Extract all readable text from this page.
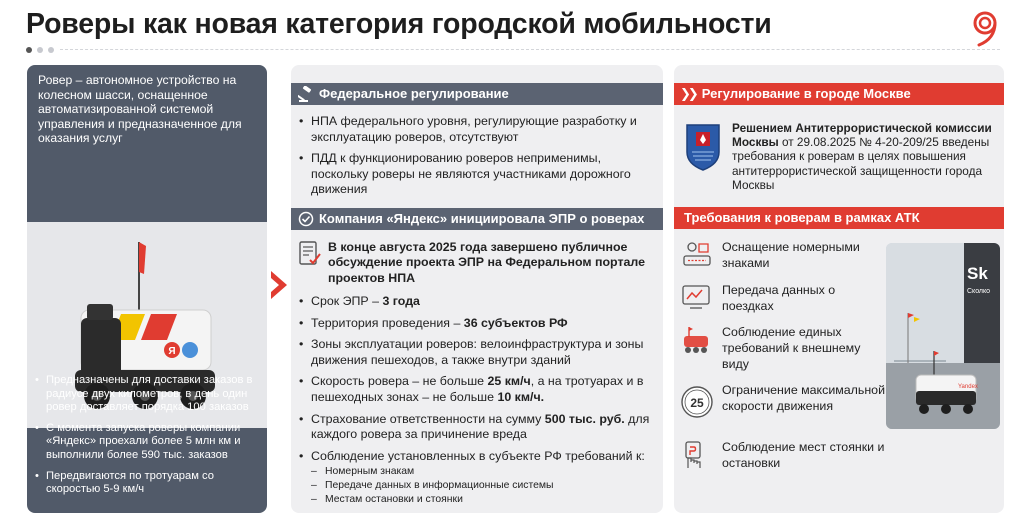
Роверы как новая категория городской мобильности
Ровер – автономное устройство на колесном шасси, оснащенное автоматизированной системой управления и предназначенное для оказания услуг
Я
• Предназначены для доставки заказов в радиусе двух километров, в день один ровер доставляет порядка 100 заказов
• С момента запуска роверы компании «Яндекс» проехали более 5 млн км и выполнили более 590 тыс. заказов
• Передвигаются по тротуарам со скоростью 5-9 км/ч
Федеральное регулирование
• НПА федерального уровня, регулирующие разработку и эксплуатацию роверов, отсутствуют
• ПДД к функционированию роверов неприменимы, поскольку роверы не являются участниками дорожного движения
Компания «Яндекс» инициировала ЭПР о роверах
В конце августа 2025 года завершено публичное обсуждение проекта ЭПР на Федеральном портале проектов НПА
• Срок ЭПР – 3 года
• Территория проведения – 36 субъектов РФ
• Зоны эксплуатации роверов: велоинфраструктура и зоны движения пешеходов, а также внутри зданий
• Скорость ровера – не больше 25 км/ч, а на тротуарах и в пешеходных зонах – не больше 10 км/ч.
• Страхование ответственности на сумму 500 тыс. руб. для каждого ровера за причинение вреда
• Соблюдение установленных в субъекте РФ требований к:
– Номерным знакам
– Передаче данных в информационные системы
– Местам остановки и стоянки
❯❯ Регулирование в городе Москве
Решением Антитеррористической комиссии Москвы от 29.08.2025 № 4-20-209/25 введены требования к роверам в целях повышения антитеррористической защищенности города Москвы
Требования к роверам в рамках АТК
Оснащение номерными знаками
Передача данных о поездках
Соблюдение единых требований к внешнему виду
25
Ограничение максимальной скорости движения
Соблюдение мест стоянки и остановки
Sk
Сколко
Yandex
